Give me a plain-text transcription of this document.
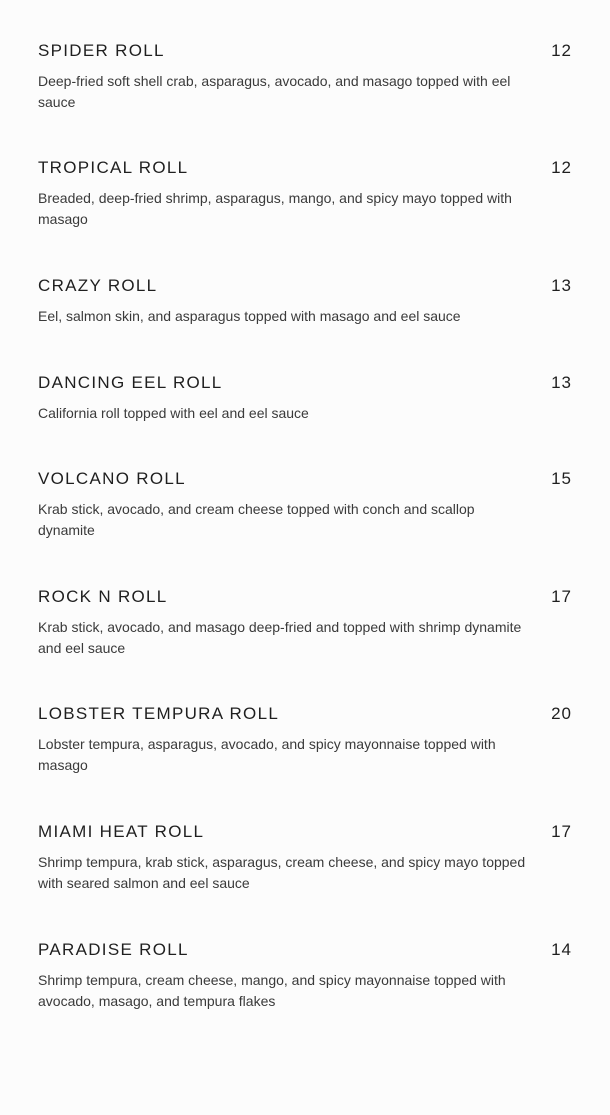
SPIDER ROLL	12
Deep-fried soft shell crab, asparagus, avocado, and masago topped with eel sauce
TROPICAL ROLL	12
Breaded, deep-fried shrimp, asparagus, mango, and spicy mayo topped with masago
CRAZY ROLL	13
Eel, salmon skin, and asparagus topped with masago and eel sauce
DANCING EEL ROLL	13
California roll topped with eel and eel sauce
VOLCANO ROLL	15
Krab stick, avocado, and cream cheese topped with conch and scallop dynamite
ROCK N ROLL	17
Krab stick, avocado, and masago deep-fried and topped with shrimp dynamite and eel sauce
LOBSTER TEMPURA ROLL	20
Lobster tempura, asparagus, avocado, and spicy mayonnaise topped with masago
MIAMI HEAT ROLL	17
Shrimp tempura, krab stick, asparagus, cream cheese, and spicy mayo topped with seared salmon and eel sauce
PARADISE ROLL	14
Shrimp tempura, cream cheese, mango, and spicy mayonnaise topped with avocado, masago, and tempura flakes
